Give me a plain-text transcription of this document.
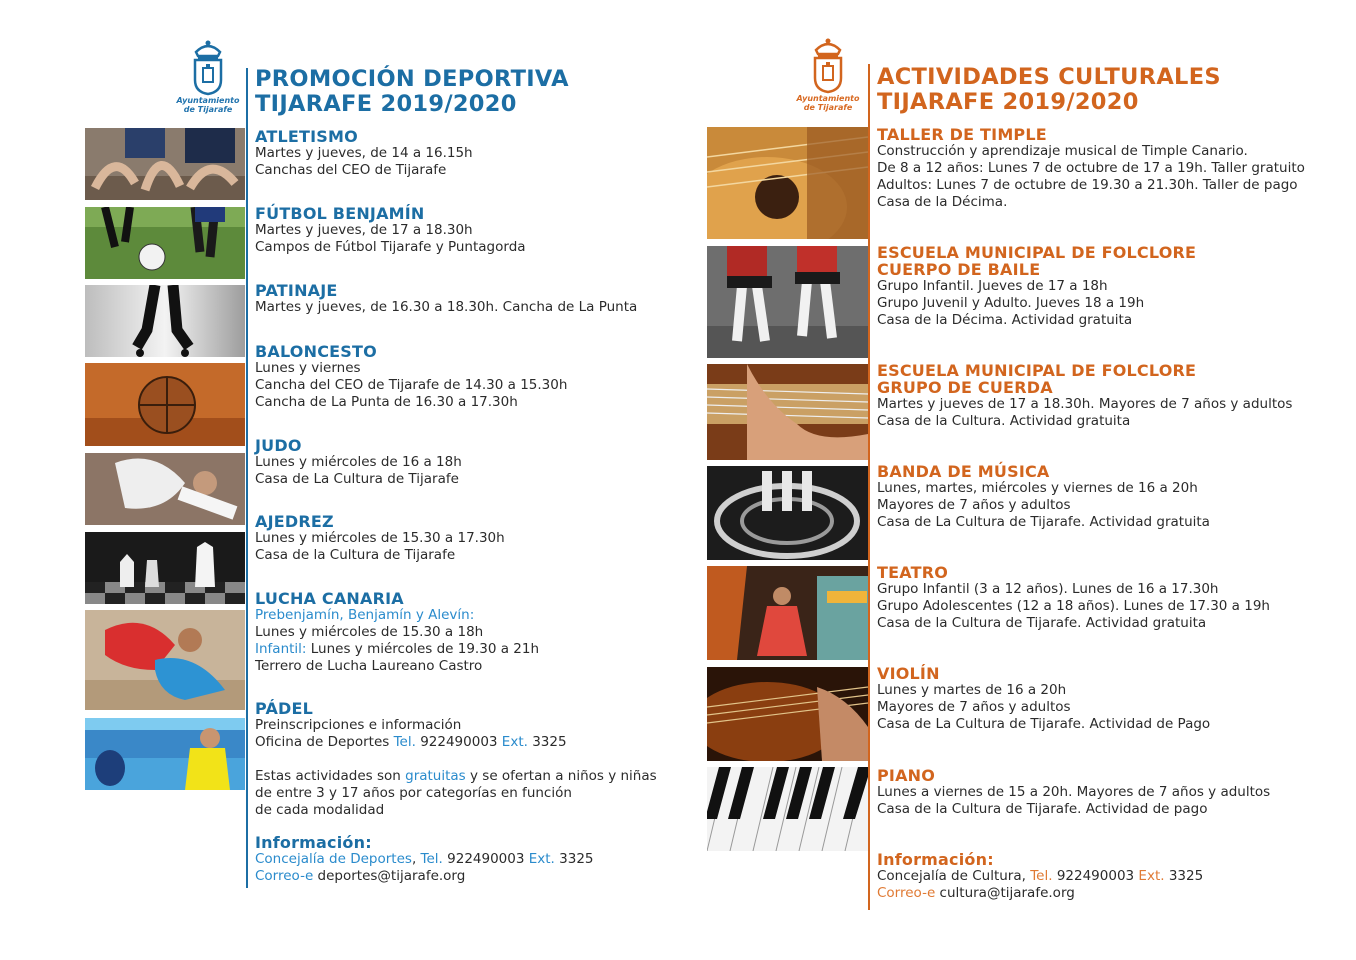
Ayuntamiento
de Tijarafe
PROMOCIÓN DEPORTIVA
TIJARAFE 2019/2020
ATLETISMO

Martes y jueves, de 14 a 16.15h

Canchas del CEO de Tijarafe

FÚTBOL BENJAMÍN

Martes y jueves, de 17 a 18.30h

Campos de Fútbol Tijarafe y Puntagorda

PATINAJE

Martes y jueves, de 16.30 a 18.30h. Cancha de La Punta

BALONCESTO

Lunes y viernes

Cancha del CEO de Tijarafe de 14.30 a 15.30h

Cancha de La Punta de 16.30 a 17.30h

JUDO

Lunes y miércoles de 16 a 18h

Casa de La Cultura de Tijarafe

AJEDREZ

Lunes y miércoles de 15.30 a 17.30h

Casa de la Cultura de Tijarafe

LUCHA CANARIA

Prebenjamín, Benjamín y Alevín:

Lunes y miércoles de 15.30 a 18h

Infantil: Lunes y miércoles de 19.30 a 21h

Terrero de Lucha Laureano Castro

PÁDEL

Preinscripciones e información

Oficina de Deportes Tel. 922490003 Ext. 3325

Estas actividades son gratuitas y se ofertan a niños y niñas

de entre 3 y 17 años por categorías en función

de cada modalidad

Información:

Concejalía de Deportes, Tel. 922490003 Ext. 3325

Correo-e deportes@tijarafe.org

Ayuntamiento
de Tijarafe
ACTIVIDADES CULTURALES
TIJARAFE 2019/2020
TALLER DE TIMPLE

Construcción y aprendizaje musical de Timple Canario.

De 8 a 12 años: Lunes 7 de octubre de 17 a 19h. Taller gratuito

Adultos: Lunes 7 de octubre de 19.30 a 21.30h. Taller de pago

Casa de la Décima.

ESCUELA MUNICIPAL DE FOLCLORE
CUERPO DE BAILE

Grupo Infantil. Jueves de 17 a 18h

Grupo Juvenil y Adulto. Jueves 18 a 19h

Casa de la Décima. Actividad gratuita

ESCUELA MUNICIPAL DE FOLCLORE
GRUPO DE CUERDA

Martes y jueves de 17 a 18.30h. Mayores de 7 años y adultos

Casa de la Cultura. Actividad gratuita

BANDA DE MÚSICA

Lunes, martes, miércoles y viernes de 16 a 20h

Mayores de 7 años y adultos

Casa de La Cultura de Tijarafe. Actividad gratuita

TEATRO

Grupo Infantil (3 a 12 años). Lunes de 16 a 17.30h

Grupo Adolescentes (12 a 18 años). Lunes de 17.30 a 19h

Casa de la Cultura de Tijarafe. Actividad gratuita

VIOLÍN

Lunes y martes de 16 a 20h

Mayores de 7 años y adultos

Casa de La Cultura de Tijarafe. Actividad de Pago

PIANO

Lunes a viernes de 15 a 20h. Mayores de 7 años y adultos

Casa de la Cultura de Tijarafe. Actividad de pago

Información:

Concejalía de Cultura, Tel. 922490003 Ext. 3325

Correo-e cultura@tijarafe.org
